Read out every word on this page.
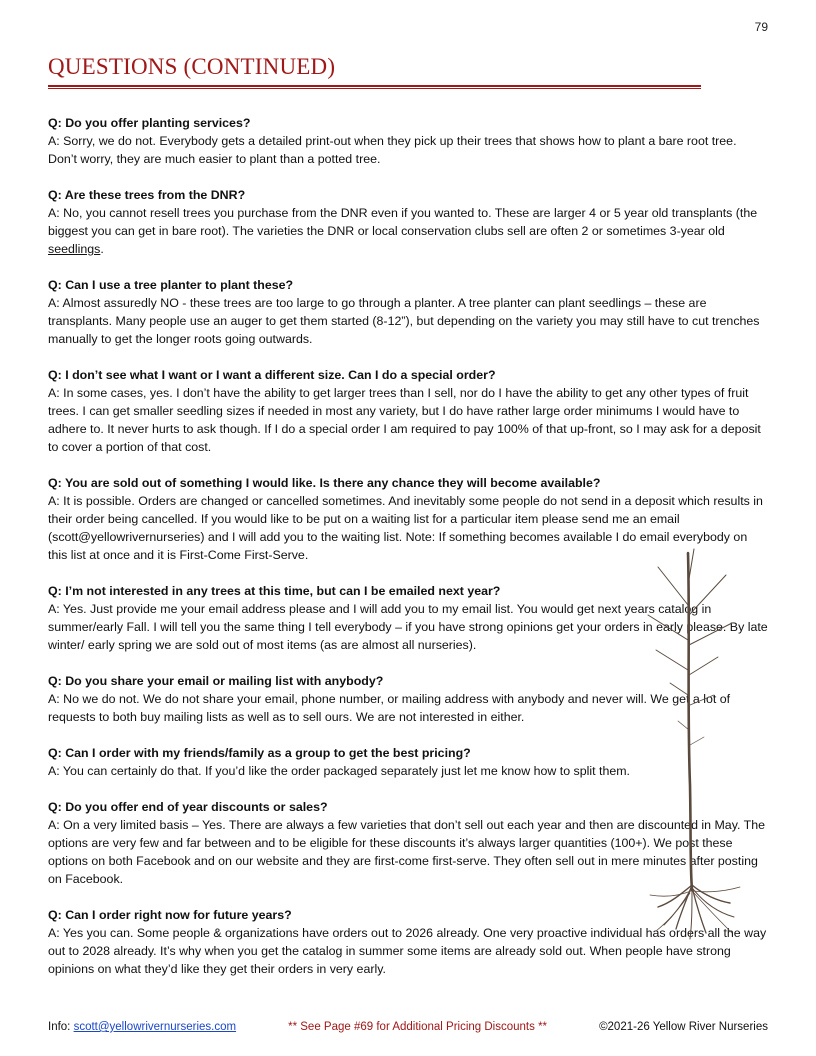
79
QUESTIONS (CONTINUED)
Q: Do you offer planting services?
A: Sorry, we do not. Everybody gets a detailed print-out when they pick up their trees that shows how to plant a bare root tree. Don’t worry, they are much easier to plant than a potted tree.
Q: Are these trees from the DNR?
A: No, you cannot resell trees you purchase from the DNR even if you wanted to. These are larger 4 or 5 year old transplants (the biggest you can get in bare root). The varieties the DNR or local conservation clubs sell are often 2 or sometimes 3-year old seedlings.
Q: Can I use a tree planter to plant these?
A: Almost assuredly NO - these trees are too large to go through a planter. A tree planter can plant seedlings – these are transplants. Many people use an auger to get them started (8-12”), but depending on the variety you may still have to cut trenches manually to get the longer roots going outwards.
Q: I don’t see what I want or I want a different size. Can I do a special order?
A: In some cases, yes. I don’t have the ability to get larger trees than I sell, nor do I have the ability to get any other types of fruit trees. I can get smaller seedling sizes if needed in most any variety, but I do have rather large order minimums I would have to adhere to. It never hurts to ask though. If I do a special order I am required to pay 100% of that up-front, so I may ask for a deposit to cover a portion of that cost.
Q: You are sold out of something I would like. Is there any chance they will become available?
A: It is possible. Orders are changed or cancelled sometimes. And inevitably some people do not send in a deposit which results in their order being cancelled. If you would like to be put on a waiting list for a particular item please send me an email (scott@yellowrivernurseries) and I will add you to the waiting list. Note: If something becomes available I do email everybody on this list at once and it is First-Come First-Serve.
Q: I’m not interested in any trees at this time, but can I be emailed next year?
A: Yes. Just provide me your email address please and I will add you to my email list. You would get next years catalog in summer/early Fall. I will tell you the same thing I tell everybody – if you have strong opinions get your orders in early please. By late winter/ early spring we are sold out of most items (as are almost all nurseries).
Q: Do you share your email or mailing list with anybody?
A: No we do not. We do not share your email, phone number, or mailing address with anybody and never will. We get a lot of requests to both buy mailing lists as well as to sell ours. We are not interested in either.
Q: Can I order with my friends/family as a group to get the best pricing?
A: You can certainly do that. If you’d like the order packaged separately just let me know how to split them.
Q: Do you offer end of year discounts or sales?
A: On a very limited basis – Yes. There are always a few varieties that don’t sell out each year and then are discounted in May. The options are very few and far between and to be eligible for these discounts it’s always larger quantities (100+). We post these options on both Facebook and on our website and they are first-come first-serve. They often sell out in mere minutes after posting on Facebook.
Q: Can I order right now for future years?
A: Yes you can. Some people & organizations have orders out to 2026 already. One very proactive individual has orders all the way out to 2028 already. It’s why when you get the catalog in summer some items are already sold out. When people have strong opinions on what they’d like they get their orders in very early.
Info: scott@yellowrivernurseries.com	** See Page #69 for Additional Pricing Discounts **	©2021-26 Yellow River Nurseries
